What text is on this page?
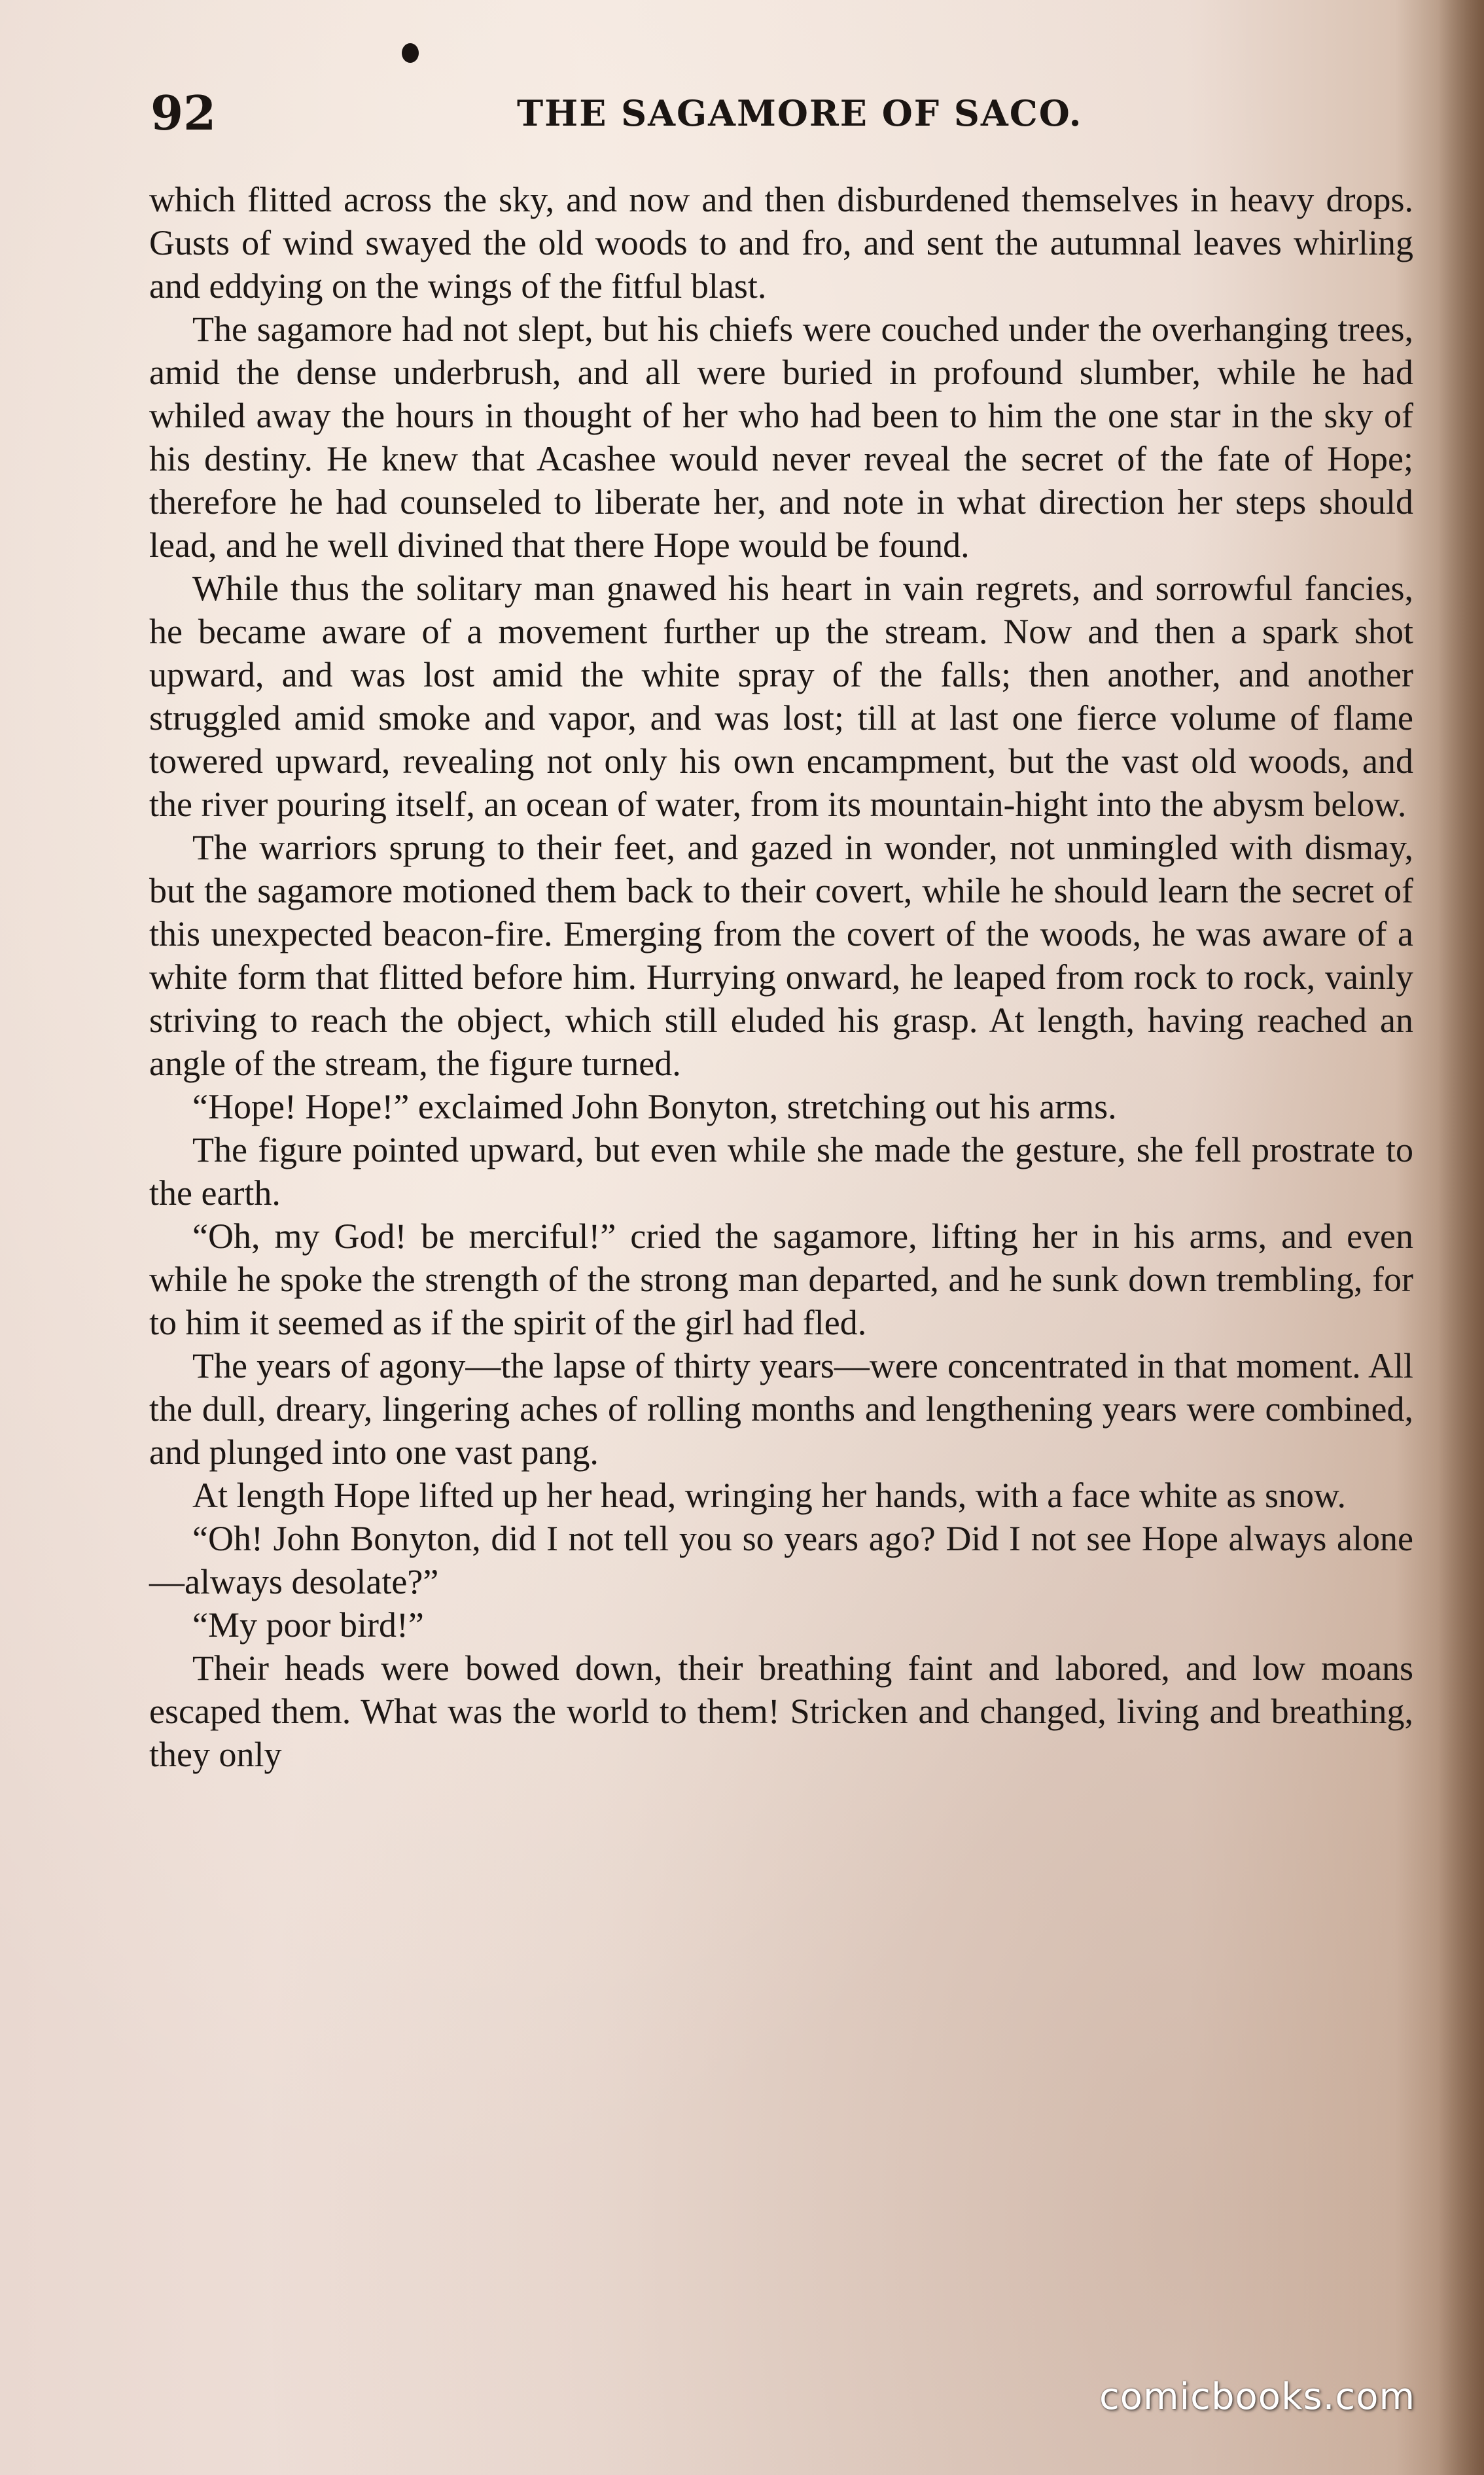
92	THE SAGAMORE OF SACO.

which flitted across the sky, and now and then disburdened themselves in heavy drops. Gusts of wind swayed the old woods to and fro, and sent the autumnal leaves whirling and eddying on the wings of the fitful blast.

The sagamore had not slept, but his chiefs were couched under the overhanging trees, amid the dense underbrush, and all were buried in profound slumber, while he had whiled away the hours in thought of her who had been to him the one star in the sky of his destiny. He knew that Acashee would never reveal the secret of the fate of Hope; therefore he had counseled to liberate her, and note in what direction her steps should lead, and he well divined that there Hope would be found.

While thus the solitary man gnawed his heart in vain regrets, and sorrowful fancies, he became aware of a movement further up the stream. Now and then a spark shot upward, and was lost amid the white spray of the falls; then another, and another struggled amid smoke and vapor, and was lost; till at last one fierce volume of flame towered upward, revealing not only his own encampment, but the vast old woods, and the river pouring itself, an ocean of water, from its mountain-hight into the abysm below.

The warriors sprung to their feet, and gazed in wonder, not unmingled with dismay, but the sagamore motioned them back to their covert, while he should learn the secret of this unexpected beacon-fire. Emerging from the covert of the woods, he was aware of a white form that flitted before him. Hurrying onward, he leaped from rock to rock, vainly striving to reach the object, which still eluded his grasp. At length, having reached an angle of the stream, the figure turned.

“Hope! Hope!” exclaimed John Bonyton, stretching out his arms.

The figure pointed upward, but even while she made the gesture, she fell prostrate to the earth.

“Oh, my God! be merciful!” cried the sagamore, lifting her in his arms, and even while he spoke the strength of the strong man departed, and he sunk down trembling, for to him it seemed as if the spirit of the girl had fled.

The years of agony—the lapse of thirty years—were concentrated in that moment. All the dull, dreary, lingering aches of rolling months and lengthening years were combined, and plunged into one vast pang.

At length Hope lifted up her head, wringing her hands, with a face white as snow.

“Oh! John Bonyton, did I not tell you so years ago? Did I not see Hope always alone—always desolate?”

“My poor bird!”

Their heads were bowed down, their breathing faint and labored, and low moans escaped them. What was the world to them! Stricken and changed, living and breathing, they only

comicbooks.com
